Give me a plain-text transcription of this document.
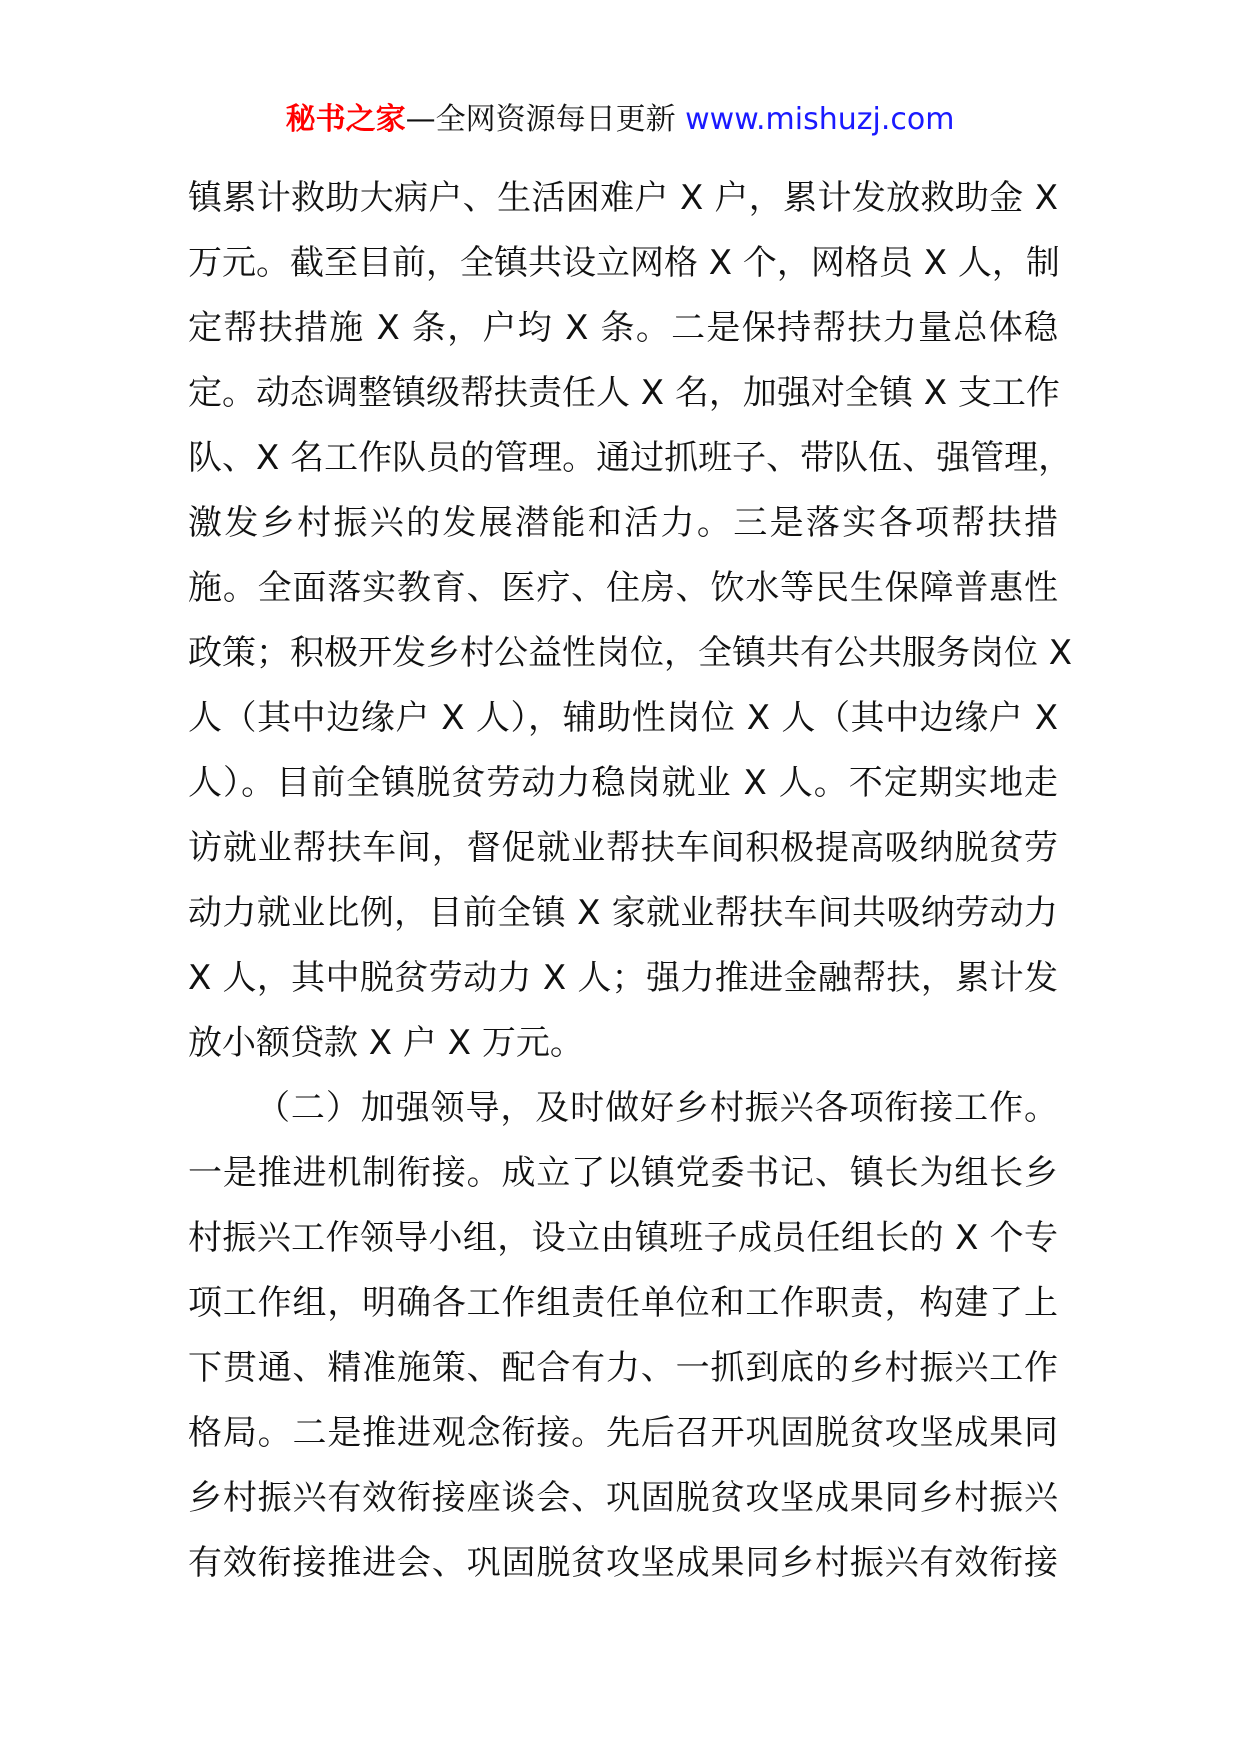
秘书之家—全网资源每日更新 www.mishuzj.com
镇累计救助大病户、生活困难户 X 户，累计发放救助金 X
万元。截至目前，全镇共设立网格 X 个，网格员 X 人，制
定帮扶措施 X 条，户均 X 条。二是保持帮扶力量总体稳
定。动态调整镇级帮扶责任人 X 名，加强对全镇 X 支工作
队、X 名工作队员的管理。通过抓班子、带队伍、强管理，
激发乡村振兴的发展潜能和活力。三是落实各项帮扶措
施。全面落实教育、医疗、住房、饮水等民生保障普惠性
政策；积极开发乡村公益性岗位，全镇共有公共服务岗位 X
人（其中边缘户 X 人），辅助性岗位 X 人（其中边缘户 X
人）。目前全镇脱贫劳动力稳岗就业 X 人。不定期实地走
访就业帮扶车间，督促就业帮扶车间积极提高吸纳脱贫劳
动力就业比例，目前全镇 X 家就业帮扶车间共吸纳劳动力
X 人，其中脱贫劳动力 X 人；强力推进金融帮扶，累计发
放小额贷款 X 户 X 万元。
（二）加强领导，及时做好乡村振兴各项衔接工作。
一是推进机制衔接。成立了以镇党委书记、镇长为组长乡
村振兴工作领导小组，设立由镇班子成员任组长的 X 个专
项工作组，明确各工作组责任单位和工作职责，构建了上
下贯通、精准施策、配合有力、一抓到底的乡村振兴工作
格局。二是推进观念衔接。先后召开巩固脱贫攻坚成果同
乡村振兴有效衔接座谈会、巩固脱贫攻坚成果同乡村振兴
有效衔接推进会、巩固脱贫攻坚成果同乡村振兴有效衔接
